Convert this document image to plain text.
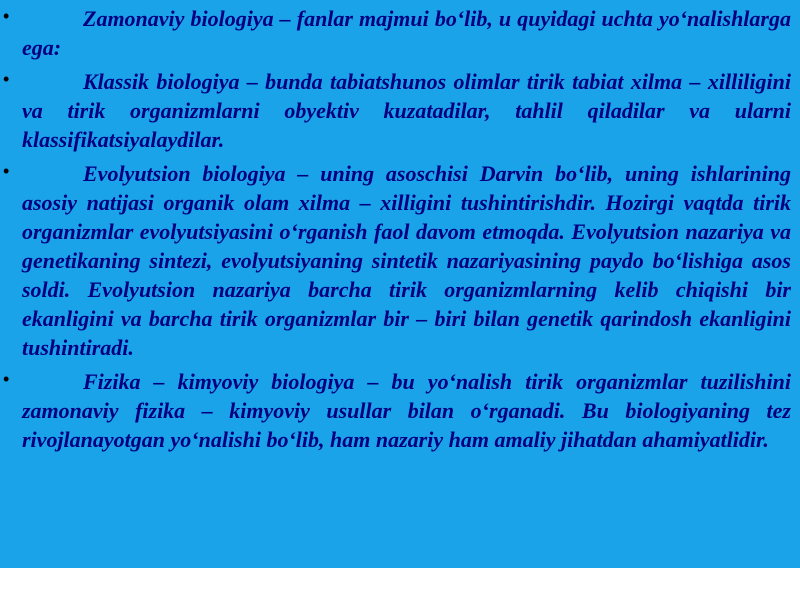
•	Zamonaviy biologiya – fanlar majmui bo‘lib, u quyidagi uchta yo‘nalishlarga ega:

•	Klassik biologiya – bunda tabiatshunos olimlar tirik tabiat xilma – xilliligini va tirik organizmlarni obyektiv kuzatadilar, tahlil qiladilar va ularni klassifikatsiyalaydilar.

•	Evolyutsion biologiya – uning asoschisi Darvin bo‘lib, uning ishlarining asosiy natijasi organik olam xilma – xilligini tushintirishdir. Hozirgi vaqtda tirik organizmlar evolyutsiyasini o‘rganish faol davom etmoqda. Evolyutsion nazariya va genetikaning sintezi, evolyutsiyaning sintetik nazariyasining paydo bo‘lishiga asos soldi. Evolyutsion nazariya barcha tirik organizmlarning kelib chiqishi bir ekanligini va barcha tirik organizmlar bir – biri bilan genetik qarindosh ekanligini tushintiradi.

•	Fizika – kimyoviy biologiya – bu yo‘nalish tirik organizmlar tuzilishini zamonaviy fizika – kimyoviy usullar bilan o‘rganadi. Bu biologiyaning tez rivojlanayotgan yo‘nalishi bo‘lib, ham nazariy ham amaliy jihatdan ahamiyatlidir.
